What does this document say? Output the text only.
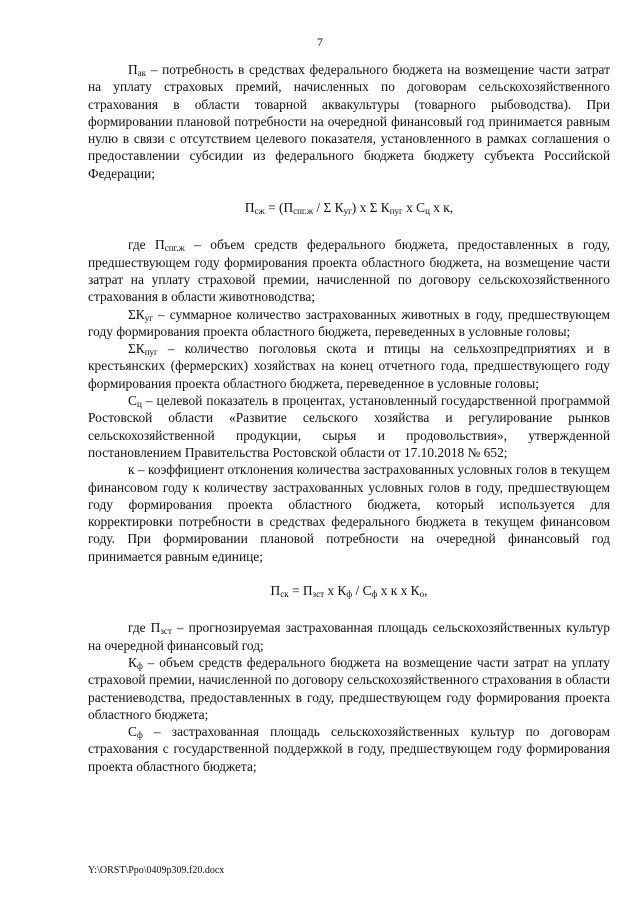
7

$П_{ак}$ – потребность в средствах федерального бюджета на возмещение части затрат на уплату страховых премий, начисленных по договорам сельскохозяйственного страхования в области товарной аквакультуры (товарного рыбоводства). При формировании плановой потребности на очередной финансовый год принимается равным нулю в связи с отсутствием целевого показателя, установленного в рамках соглашения о предоставлении субсидии из федерального бюджета бюджету субъекта Российской Федерации;

$П_{сж} = (П_{спг.ж} / \Sigma$ $К_{уг}$) х Σ $К_{пуг}$ х $С_ц$ х к,

где $П_{спг.ж}$ – объем средств федерального бюджета, предоставленных в году, предшествующем году формирования проекта областного бюджета, на возмещение части затрат на уплату страховой премии, начисленной по договору сельскохозяйственного страхования в области животноводства;

$\Sigma К_{уг}$ – суммарное количество застрахованных животных в году, предшествующем году формирования проекта областного бюджета, переведенных в условные головы;

$\Sigma К_{пуг}$ – количество поголовья скота и птицы на сельхозпредприятиях и в крестьянских (фермерских) хозяйствах на конец отчетного года, предшествующего году формирования проекта областного бюджета, переведенное в условные головы;

$С_ц$ – целевой показатель в процентах, установленный государственной программой Ростовской области «Развитие сельского хозяйства и регулирование рынков сельскохозяйственной продукции, сырья и продовольствия», утвержденной постановлением Правительства Ростовской области от 17.10.2018 № 652;

к – коэффициент отклонения количества застрахованных условных голов в текущем финансовом году к количеству застрахованных условных голов в году, предшествующем году формирования проекта областного бюджета, который используется для корректировки потребности в средствах федерального бюджета в текущем финансовом году. При формировании плановой потребности на очередной финансовый год принимается равным единице;

$П_{ск} = П_{зст}$ х $К_ф / С_ф$ х к х $К_о$,

где $П_{зст}$ – прогнозируемая застрахованная площадь сельскохозяйственных культур на очередной финансовый год;

$К_ф$ – объем средств федерального бюджета на возмещение части затрат на уплату страховой премии, начисленной по договору сельскохозяйственного страхования в области растениеводства, предоставленных в году, предшествующем году формирования проекта областного бюджета;

$С_ф$ – застрахованная площадь сельскохозяйственных культур по договорам страхования с государственной поддержкой в году, предшествующем году формирования проекта областного бюджета;

Y:\ORST\Ppo\0409p309.f20.docx
